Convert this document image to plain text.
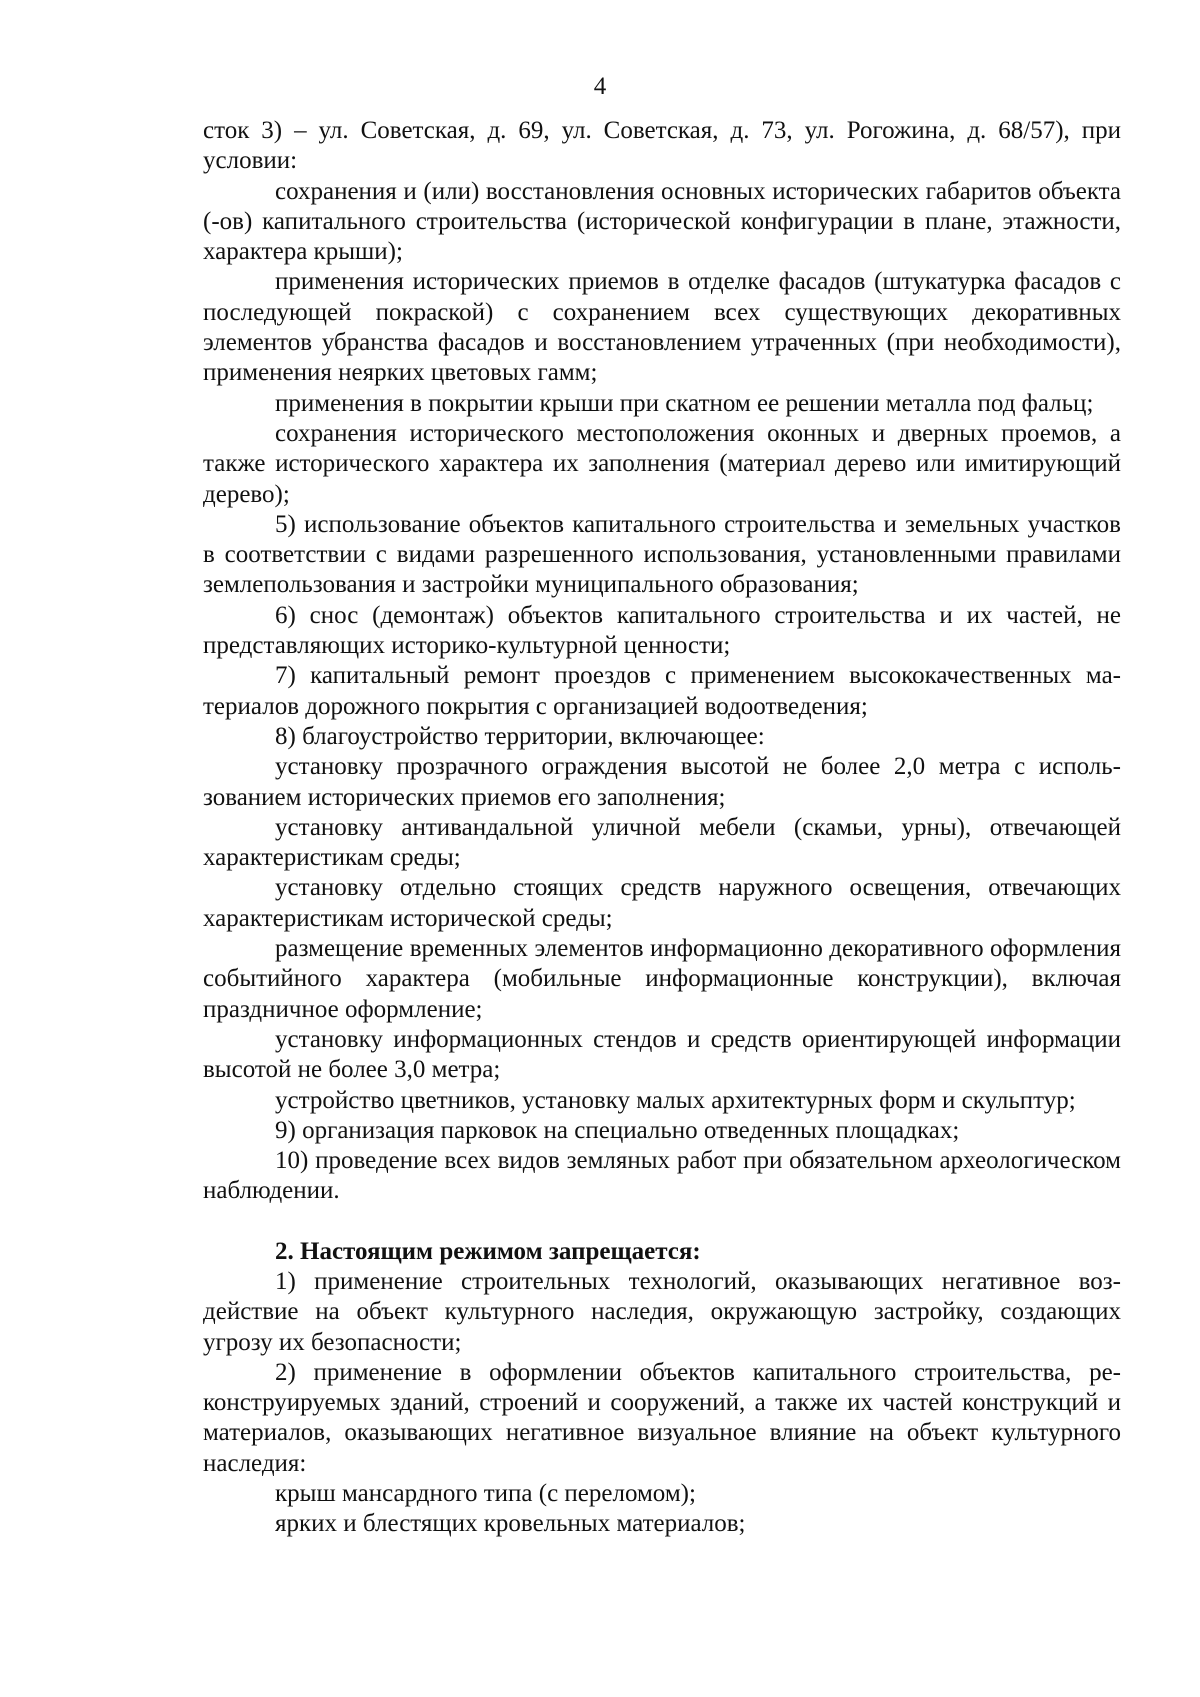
4

сток 3) – ул. Советская, д. 69, ул. Советская, д. 73, ул. Рогожина, д. 68/57), при условии:

сохранения и (или) восстановления основных исторических габаритов объекта (-ов) капитального строительства (исторической конфигурации в плане, этажности, характера крыши);

применения исторических приемов в отделке фасадов (штукатурка фасадов с последующей покраской) с сохранением всех существующих декоративных элементов убранства фасадов и восстановлением утраченных (при необходимости), применения неярких цветовых гамм;

применения в покрытии крыши при скатном ее решении металла под фальц;

сохранения исторического местоположения оконных и дверных проемов, а также исторического характера их заполнения (материал дерево или имитирующий дерево);

5) использование объектов капитального строительства и земельных участков в соответствии с видами разрешенного использования, установленными правилами землепользования и застройки муниципального образования;

6) снос (демонтаж) объектов капитального строительства и их частей, не представляющих историко-культурной ценности;

7) капитальный ремонт проездов с применением высококачественных материалов дорожного покрытия с организацией водоотведения;

8) благоустройство территории, включающее:

установку прозрачного ограждения высотой не более 2,0 метра с использованием исторических приемов его заполнения;

установку антивандальной уличной мебели (скамьи, урны), отвечающей характеристикам среды;

установку отдельно стоящих средств наружного освещения, отвечающих характеристикам исторической среды;

размещение временных элементов информационно декоративного оформления событийного характера (мобильные информационные конструкции), включая праздничное оформление;

установку информационных стендов и средств ориентирующей информации высотой не более 3,0 метра;

устройство цветников, установку малых архитектурных форм и скульптур;

9) организация парковок на специально отведенных площадках;

10) проведение всех видов земляных работ при обязательном археологическом наблюдении.

2. Настоящим режимом запрещается:

1) применение строительных технологий, оказывающих негативное воздействие на объект культурного наследия, окружающую застройку, создающих угрозу их безопасности;

2) применение в оформлении объектов капитального строительства, реконструируемых зданий, строений и сооружений, а также их частей конструкций и материалов, оказывающих негативное визуальное влияние на объект культурного наследия:

крыш мансардного типа (с переломом);

ярких и блестящих кровельных материалов;
